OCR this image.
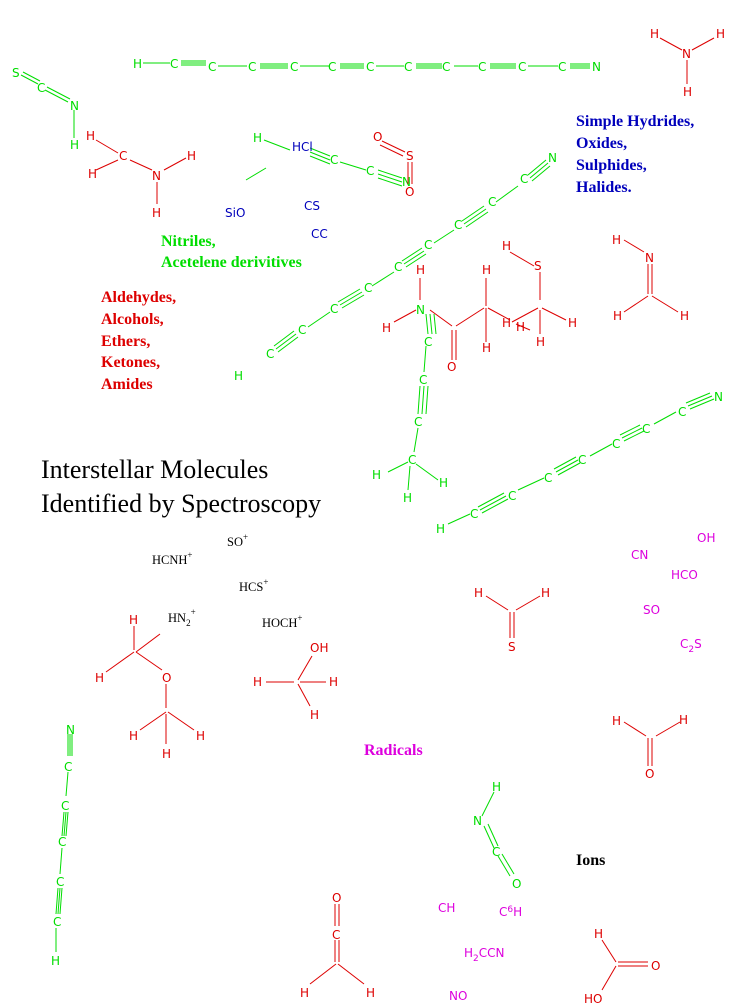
H C C	C	C C C C C C	C	C N
S
C
N
H	H
C
C
N
O
S
O
H	H
N
H
H
C
H
H
N
H
HCl
SiO	CS
CC
Simple Hydrides,
Oxides,
Sulphides,
Halides.
Nitriles,
Acetelene derivitives
Aldehydes,
Alcohols,
Ethers,
Ketones,
Amides
C
C
C
C
C
C
C
C
C
N
H
H
H
O
H
H
H H
H
S
H
H
N
C
C
C
C
H
H
H
H
N
H	H
H
C
C
C
C
C
C
C
N
Interstellar Molecules
Identified by Spectroscopy
HCNH+
SO+
HCS+
$HN_2^+$
HOCH+
H	H
S
CN
OH
HCO
SO
$C_2S$
H
H	O
H	H
H
OH
H	H
H
Radicals
H	H
O
N
C
C
C
C
C
H
H
N
C
O
Ions
O
C
H	H
CH	$C^6H$
$H_2CCN$
NO
H
O
HO
